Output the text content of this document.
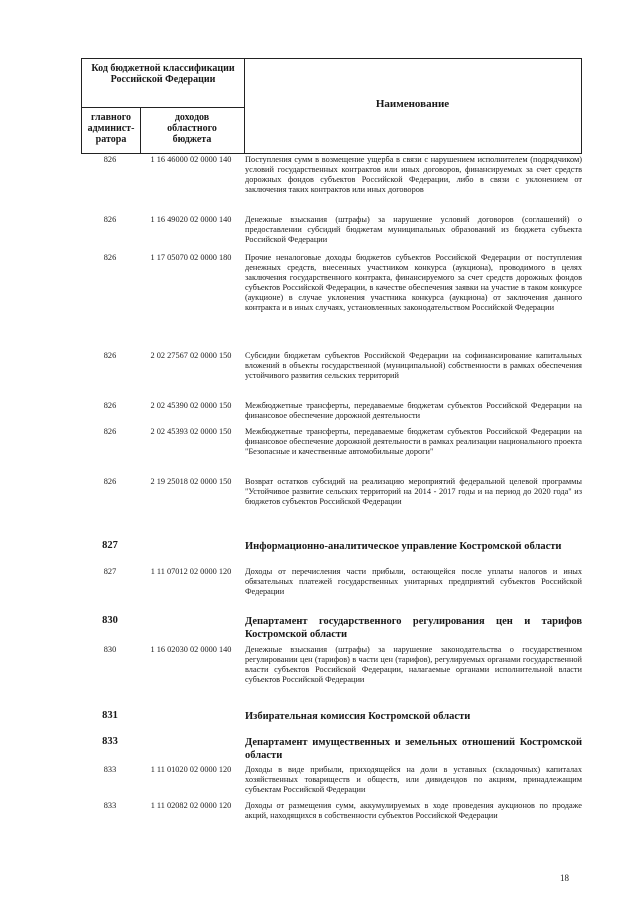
Код бюджетной классификации Российской Федерации
главного админист-ратора
доходов областного бюджета
Наименование
826	1 16 46000 02 0000 140	Поступления сумм в возмещение ущерба в связи с нарушением исполнителем (подрядчиком) условий государственных контрактов или иных договоров, финансируемых за счет средств дорожных фондов субъектов Российской Федерации, либо в связи с уклонением от заключения таких контрактов или иных договоров
826	1 16 49020 02 0000 140	Денежные взыскания (штрафы) за нарушение условий договоров (соглашений) о предоставлении субсидий бюджетам муниципальных образований из бюджета субъекта Российской Федерации
826	1 17 05070 02 0000 180	Прочие неналоговые доходы бюджетов субъектов Российской Федерации от поступления денежных средств, внесенных участником конкурса (аукциона), проводимого в целях заключения государственного контракта, финансируемого за счет средств дорожных фондов субъектов Российской Федерации, в качестве обеспечения заявки на участие в таком конкурсе (аукционе) в случае уклонения участника конкурса (аукциона) от заключения данного контракта и в иных случаях, установленных законодательством Российской Федерации
826	2 02 27567 02 0000 150	Субсидии бюджетам субъектов Российской Федерации на софинансирование капитальных вложений в объекты государственной (муниципальной) собственности в рамках обеспечения устойчивого развития сельских территорий
826	2 02 45390 02 0000 150	Межбюджетные трансферты, передаваемые бюджетам субъектов Российской Федерации на финансовое обеспечение дорожной деятельности
826	2 02 45393 02 0000 150	Межбюджетные трансферты, передаваемые бюджетам субъектов Российской Федерации на финансовое обеспечение дорожной деятельности в рамках реализации национального проекта "Безопасные и качественные автомобильные дороги"
826	2 19 25018 02 0000 150	Возврат остатков субсидий на реализацию мероприятий федеральной целевой программы "Устойчивое развитие сельских территорий на 2014 - 2017 годы и на период до 2020 года" из бюджетов субъектов Российской Федерации
827	Информационно-аналитическое управление Костромской области
827	1 11 07012 02 0000 120	Доходы от перечисления части прибыли, остающейся после уплаты налогов и иных обязательных платежей государственных унитарных предприятий субъектов Российской Федерации
830	Департамент государственного регулирования цен и тарифов Костромской области
830	1 16 02030 02 0000 140	Денежные взыскания (штрафы) за нарушение законодательства о государственном регулировании цен (тарифов) в части цен (тарифов), регулируемых органами государственной власти субъектов Российской Федерации, налагаемые органами исполнительной власти субъектов Российской Федерации
831	Избирательная комиссия Костромской области
833	Департамент имущественных и земельных отношений Костромской области
833	1 11 01020 02 0000 120	Доходы в виде прибыли, приходящейся на доли в уставных (складочных) капиталах хозяйственных товариществ и обществ, или дивидендов по акциям, принадлежащим субъектам Российской Федерации
833	1 11 02082 02 0000 120	Доходы от размещения сумм, аккумулируемых в ходе проведения аукционов по продаже акций, находящихся в собственности субъектов Российской Федерации
18
